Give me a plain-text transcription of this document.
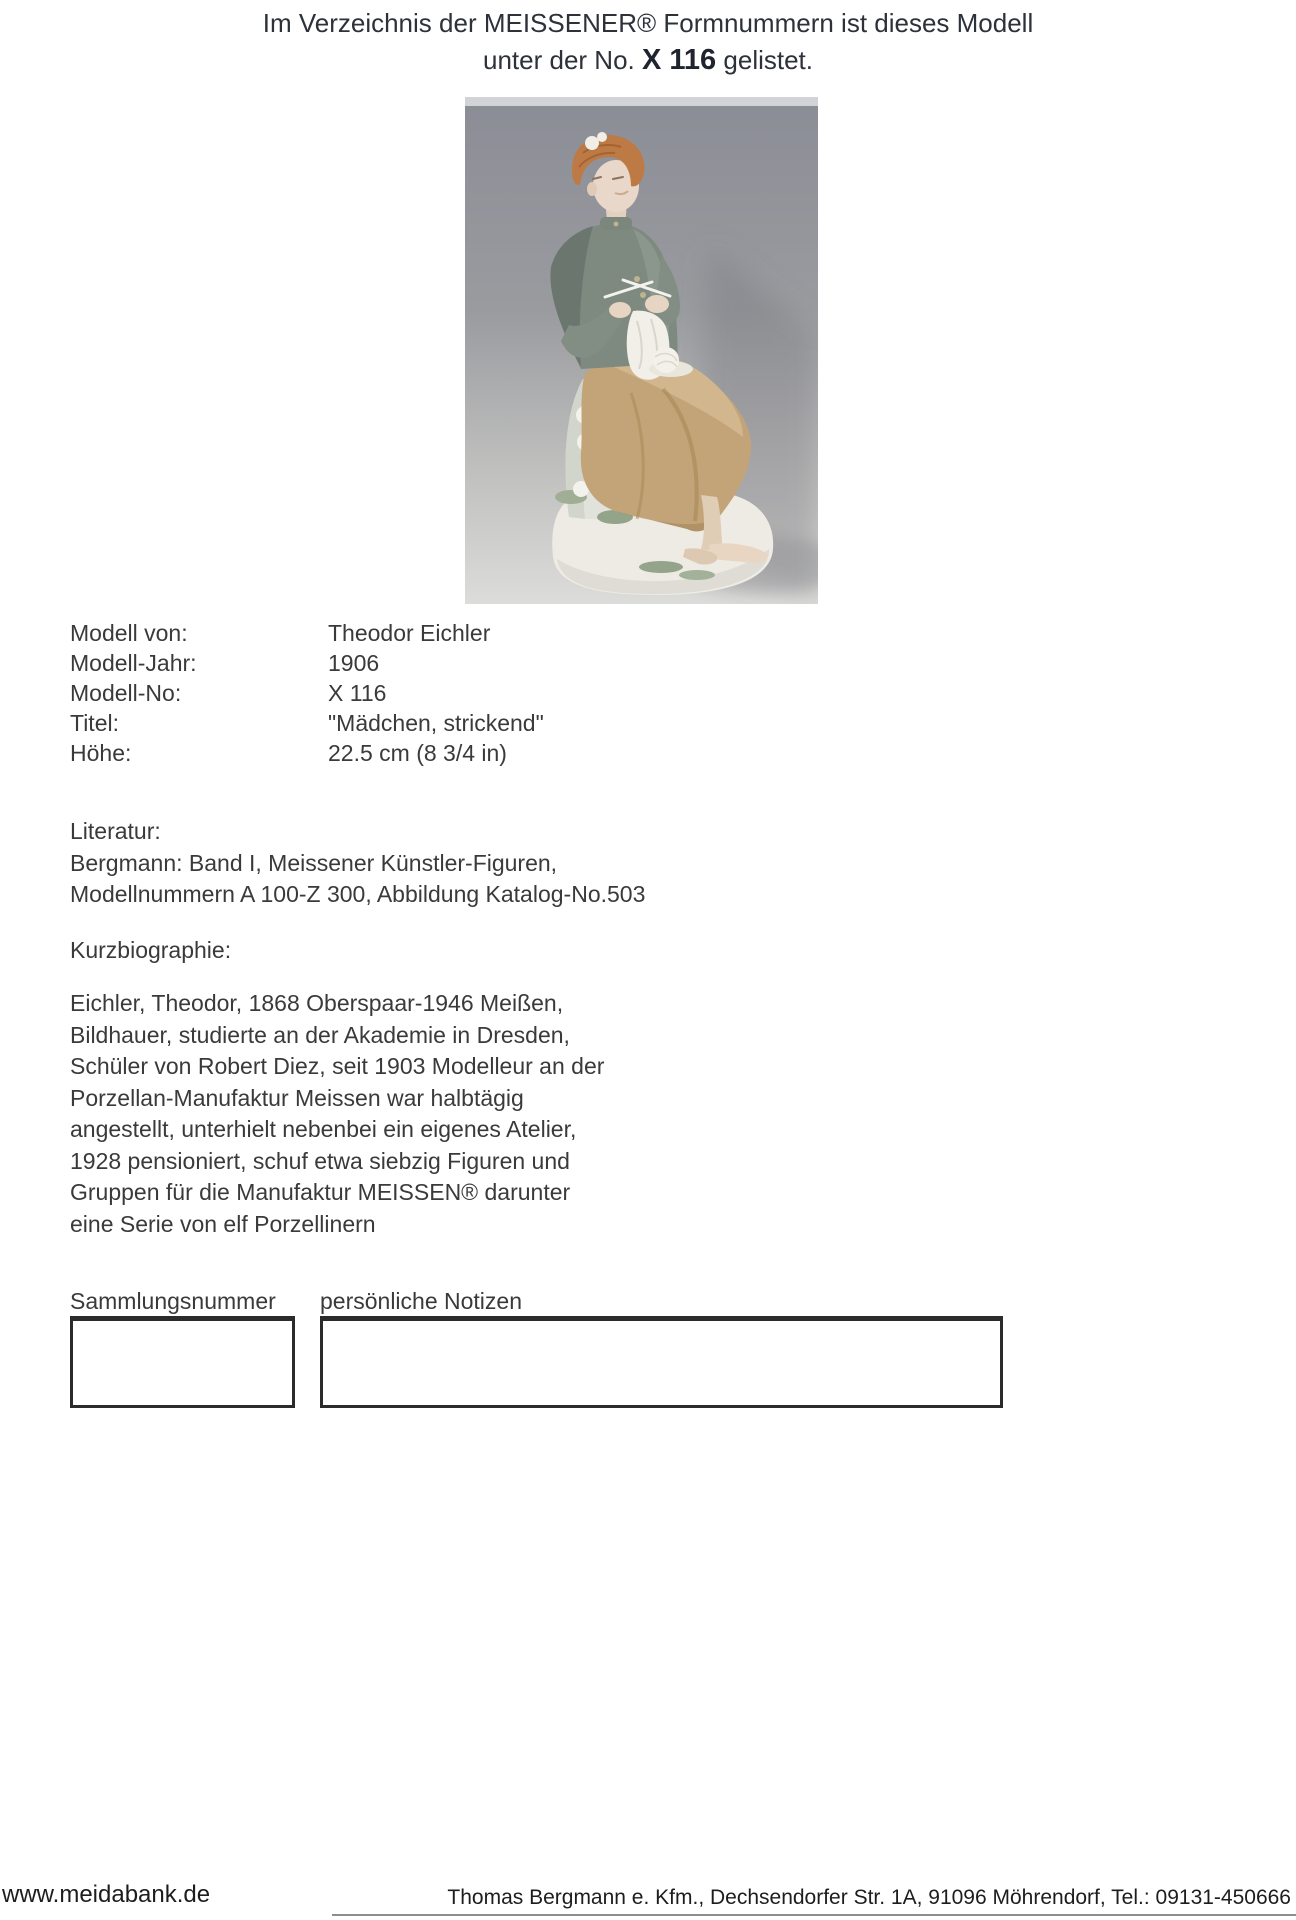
Im Verzeichnis der MEISSENER® Formnummern ist dieses Modell
unter der No. X 116 gelistet.
Modell von:	Theodor Eichler
Modell-Jahr:	1906
Modell-No:	X 116
Titel:	"Mädchen, strickend"
Höhe:	22.5 cm (8 3/4 in)
Literatur:
Bergmann: Band I, Meissener Künstler-Figuren,
Modellnummern A 100-Z 300, Abbildung Katalog-No.503
Kurzbiographie:
Eichler, Theodor, 1868 Oberspaar-1946 Meißen,
Bildhauer, studierte an der Akademie in Dresden,
Schüler von Robert Diez, seit 1903 Modelleur an der
Porzellan-Manufaktur Meissen war halbtägig
angestellt, unterhielt nebenbei ein eigenes Atelier,
1928 pensioniert, schuf etwa siebzig Figuren und
Gruppen für die Manufaktur MEISSEN® darunter
eine Serie von elf Porzellinern
Sammlungsnummer persönliche Notizen
www.meidabank.de	Thomas Bergmann e. Kfm., Dechsendorfer Str. 1A, 91096 Möhrendorf, Tel.: 09131-450666
